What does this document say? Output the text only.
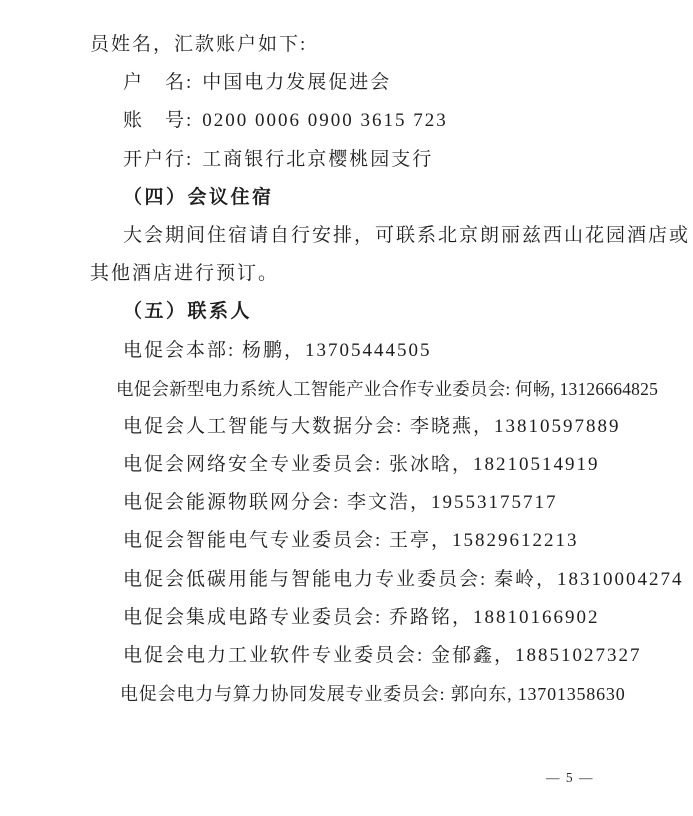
员姓名，汇款账户如下:
户　名: 中国电力发展促进会
账　号: 0200 0006 0900 3615 723
开户行: 工商银行北京樱桃园支行
（四）会议住宿
大会期间住宿请自行安排，可联系北京朗丽兹西山花园酒店或
其他酒店进行预订。
（五）联系人
电促会本部: 杨鹏，13705444505
电促会新型电力系统人工智能产业合作专业委员会: 何畅, 13126664825
电促会人工智能与大数据分会: 李晓燕，13810597889
电促会网络安全专业委员会: 张冰晗，18210514919
电促会能源物联网分会: 李文浩，19553175717
电促会智能电气专业委员会: 王亭，15829612213
电促会低碳用能与智能电力专业委员会: 秦岭，18310004274
电促会集成电路专业委员会: 乔路铭，18810166902
电促会电力工业软件专业委员会: 金郁鑫，18851027327
电促会电力与算力协同发展专业委员会: 郭向东, 13701358630
— 5 —
